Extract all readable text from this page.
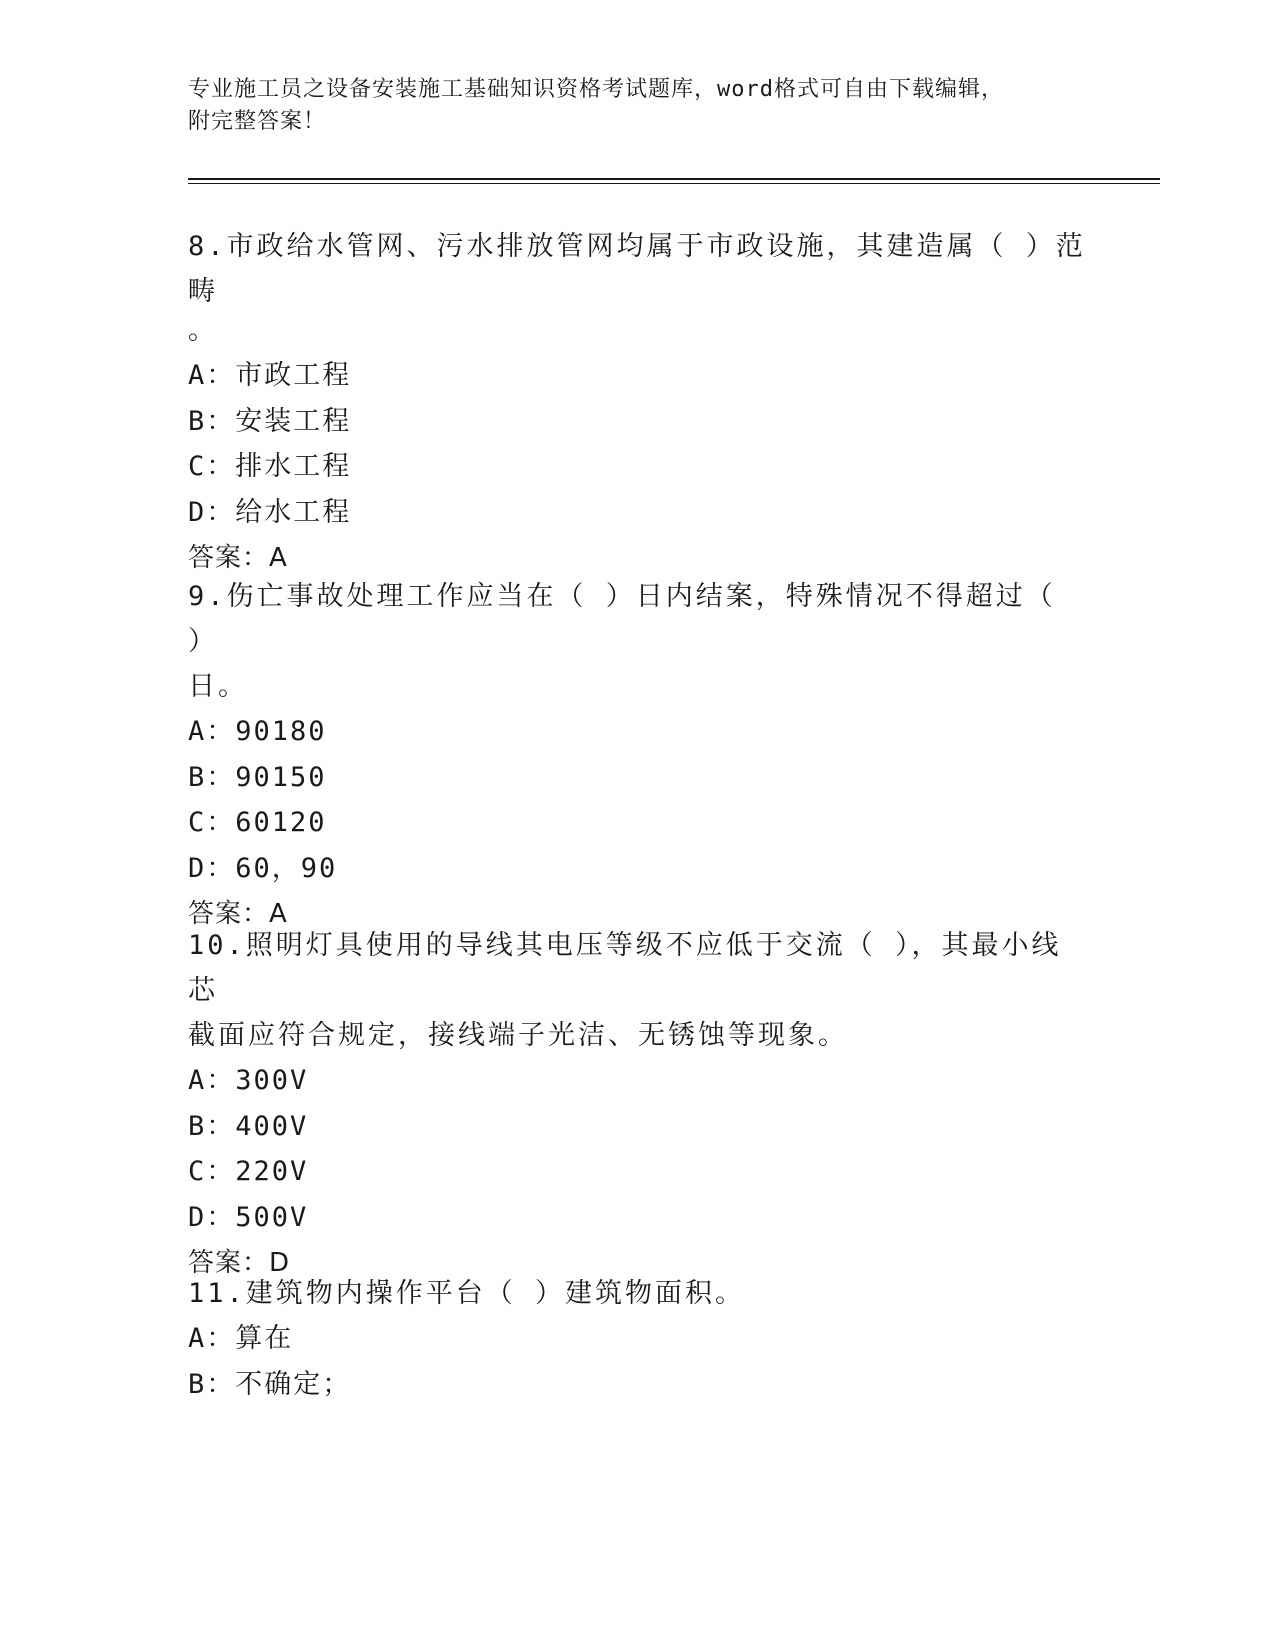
专业施工员之设备安装施工基础知识资格考试题库，word格式可自由下载编辑，
附完整答案！

8.市政给水管网、污水排放管网均属于市政设施，其建造属（ ）范畴

。

A：市政工程

B：安装工程

C：排水工程

D：给水工程

答案：A

9.伤亡事故处理工作应当在（ ）日内结案，特殊情况不得超过（ ）

日。

A：90180

B：90150

C：60120

D：60，90

答案：A

10.照明灯具使用的导线其电压等级不应低于交流（ ），其最小线芯

截面应符合规定，接线端子光洁、无锈蚀等现象。

A：300V

B：400V

C：220V

D：500V

答案：D

11.建筑物内操作平台（ ）建筑物面积。

A：算在

B：不确定；
